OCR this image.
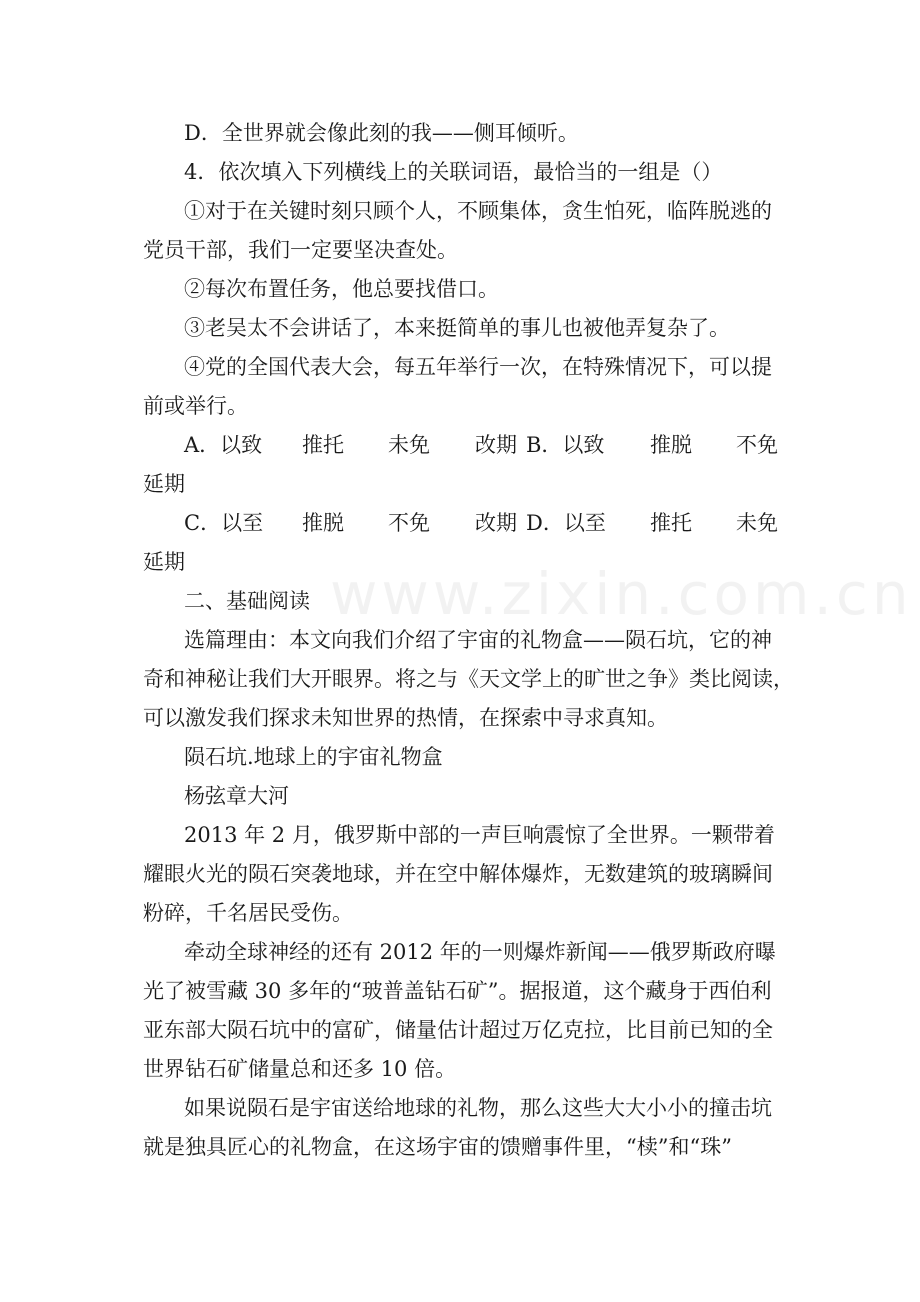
www.zixin.com.cn
D．全世界就会像此刻的我——侧耳倾听。
4．依次填入下列横线上的关联词语，最恰当的一组是（）
①对于在关键时刻只顾个人，不顾集体，贪生怕死，临阵脱逃的
党员干部，我们一定要坚决查处。
②每次布置任务，他总要找借口。
③老吴太不会讲话了，本来挺简单的事儿也被他弄复杂了。
④党的全国代表大会，每五年举行一次，在特殊情况下，可以提
前或举行。
A．以致 推托 未免 改期 B．以致 推脱 不免
延期
C．以至 推脱 不免 改期 D．以至 推托 未免
延期
二、基础阅读
选篇理由：本文向我们介绍了宇宙的礼物盒——陨石坑，它的神
奇和神秘让我们大开眼界。将之与《天文学上的旷世之争》类比阅读，
可以激发我们探求未知世界的热情，在探索中寻求真知。
陨石坑.地球上的宇宙礼物盒
杨弦章大河
2013 年 2 月，俄罗斯中部的一声巨响震惊了全世界。一颗带着
耀眼火光的陨石突袭地球，并在空中解体爆炸，无数建筑的玻璃瞬间
粉碎，千名居民受伤。
牵动全球神经的还有 2012 年的一则爆炸新闻——俄罗斯政府曝
光了被雪藏 30 多年的“玻普盖钻石矿”。据报道，这个藏身于西伯利
亚东部大陨石坑中的富矿，储量估计超过万亿克拉，比目前已知的全
世界钻石矿储量总和还多 10 倍。
如果说陨石是宇宙送给地球的礼物，那么这些大大小小的撞击坑
就是独具匠心的礼物盒，在这场宇宙的馈赠事件里，“椟”和“珠”
